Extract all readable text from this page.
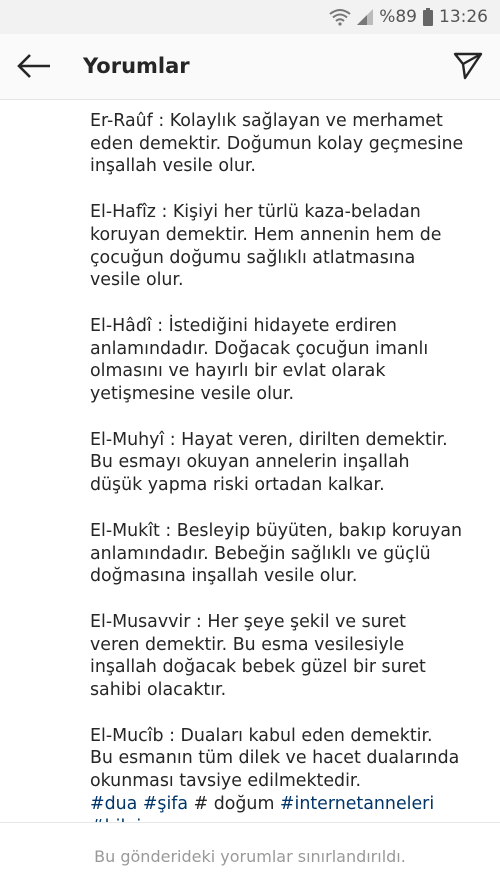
%89 13:26
Yorumlar

Er-Raûf : Kolaylık sağlayan ve merhamet
eden demektir. Doğumun kolay geçmesine
inşallah vesile olur.

El-Hafîz : Kişiyi her türlü kaza-beladan
koruyan demektir. Hem annenin hem de
çocuğun doğumu sağlıklı atlatmasına
vesile olur.

El-Hâdî : İstediğini hidayete erdiren
anlamındadır. Doğacak çocuğun imanlı
olmasını ve hayırlı bir evlat olarak
yetişmesine vesile olur.

El-Muhyî : Hayat veren, dirilten demektir.
Bu esmayı okuyan annelerin inşallah
düşük yapma riski ortadan kalkar.

El-Mukît : Besleyip büyüten, bakıp koruyan
anlamındadır. Bebeğin sağlıklı ve güçlü
doğmasına inşallah vesile olur.

El-Musavvir : Her şeye şekil ve suret
veren demektir. Bu esma vesilesiyle
inşallah doğacak bebek güzel bir suret
sahibi olacaktır.

El-Mucîb : Duaları kabul eden demektir.
Bu esmanın tüm dilek ve hacet dualarında
okunması tavsiye edilmektedir.

#dua #şifa # doğum #internetanneleri

Bu gönderideki yorumlar sınırlandırıldı.
